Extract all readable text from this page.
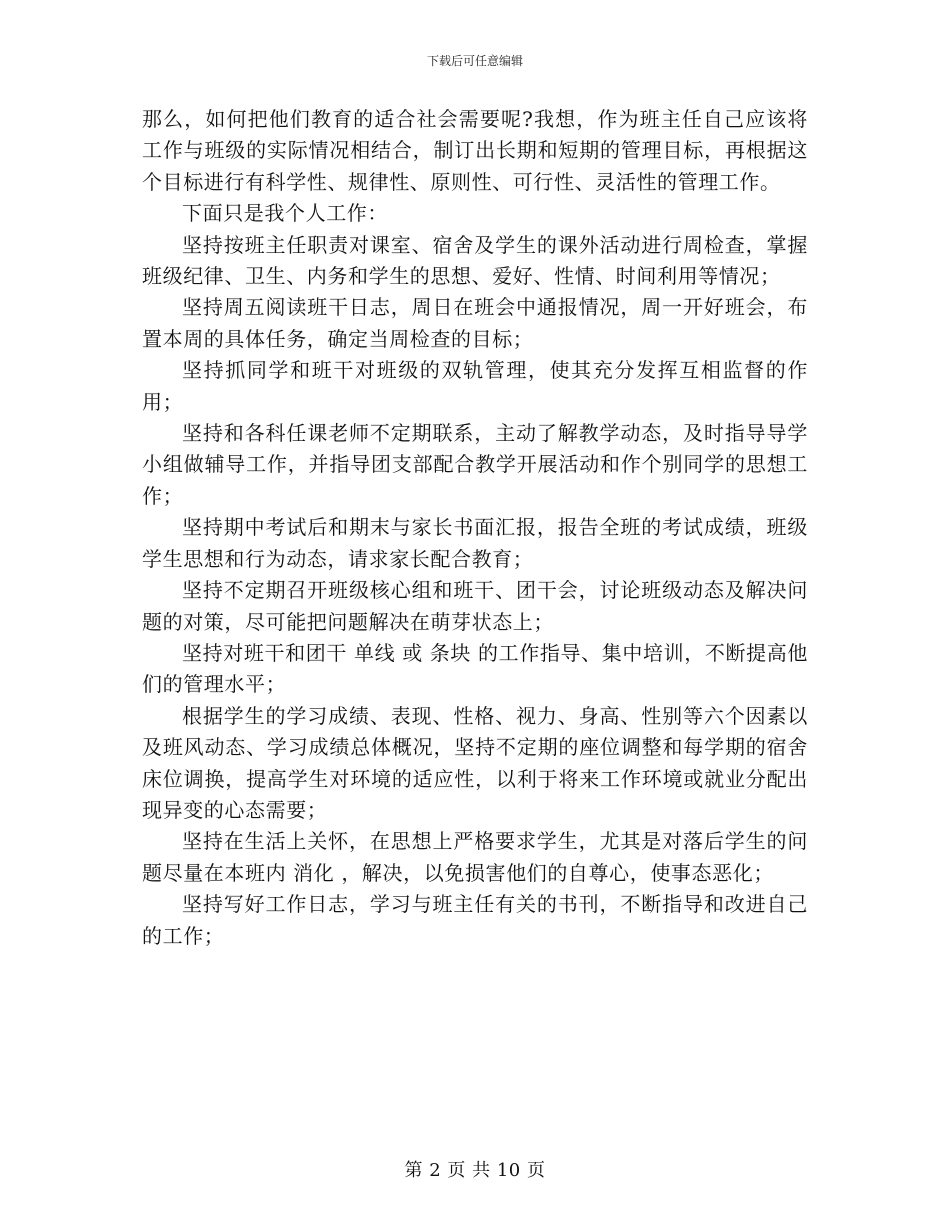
下载后可任意编辑

那么，如何把他们教育的适合社会需要呢?我想，作为班主任自己应该将工作与班级的实际情况相结合，制订出长期和短期的管理目标，再根据这个目标进行有科学性、规律性、原则性、可行性、灵活性的管理工作。

下面只是我个人工作：

坚持按班主任职责对课室、宿舍及学生的课外活动进行周检查，掌握班级纪律、卫生、内务和学生的思想、爱好、性情、时间利用等情况；

坚持周五阅读班干日志，周日在班会中通报情况，周一开好班会，布置本周的具体任务，确定当周检查的目标；

坚持抓同学和班干对班级的双轨管理，使其充分发挥互相监督的作用；

坚持和各科任课老师不定期联系，主动了解教学动态，及时指导导学小组做辅导工作，并指导团支部配合教学开展活动和作个别同学的思想工作；

坚持期中考试后和期末与家长书面汇报，报告全班的考试成绩，班级学生思想和行为动态，请求家长配合教育；

坚持不定期召开班级核心组和班干、团干会，讨论班级动态及解决问题的对策，尽可能把问题解决在萌芽状态上；

坚持对班干和团干 单线 或 条块 的工作指导、集中培训，不断提高他们的管理水平；

根据学生的学习成绩、表现、性格、视力、身高、性别等六个因素以及班风动态、学习成绩总体概况，坚持不定期的座位调整和每学期的宿舍床位调换，提高学生对环境的适应性，以利于将来工作环境或就业分配出现异变的心态需要；

坚持在生活上关怀，在思想上严格要求学生，尤其是对落后学生的问题尽量在本班内 消化 ，解决，以免损害他们的自尊心，使事态恶化；

坚持写好工作日志，学习与班主任有关的书刊，不断指导和改进自己的工作；

第 2 页 共 10 页
